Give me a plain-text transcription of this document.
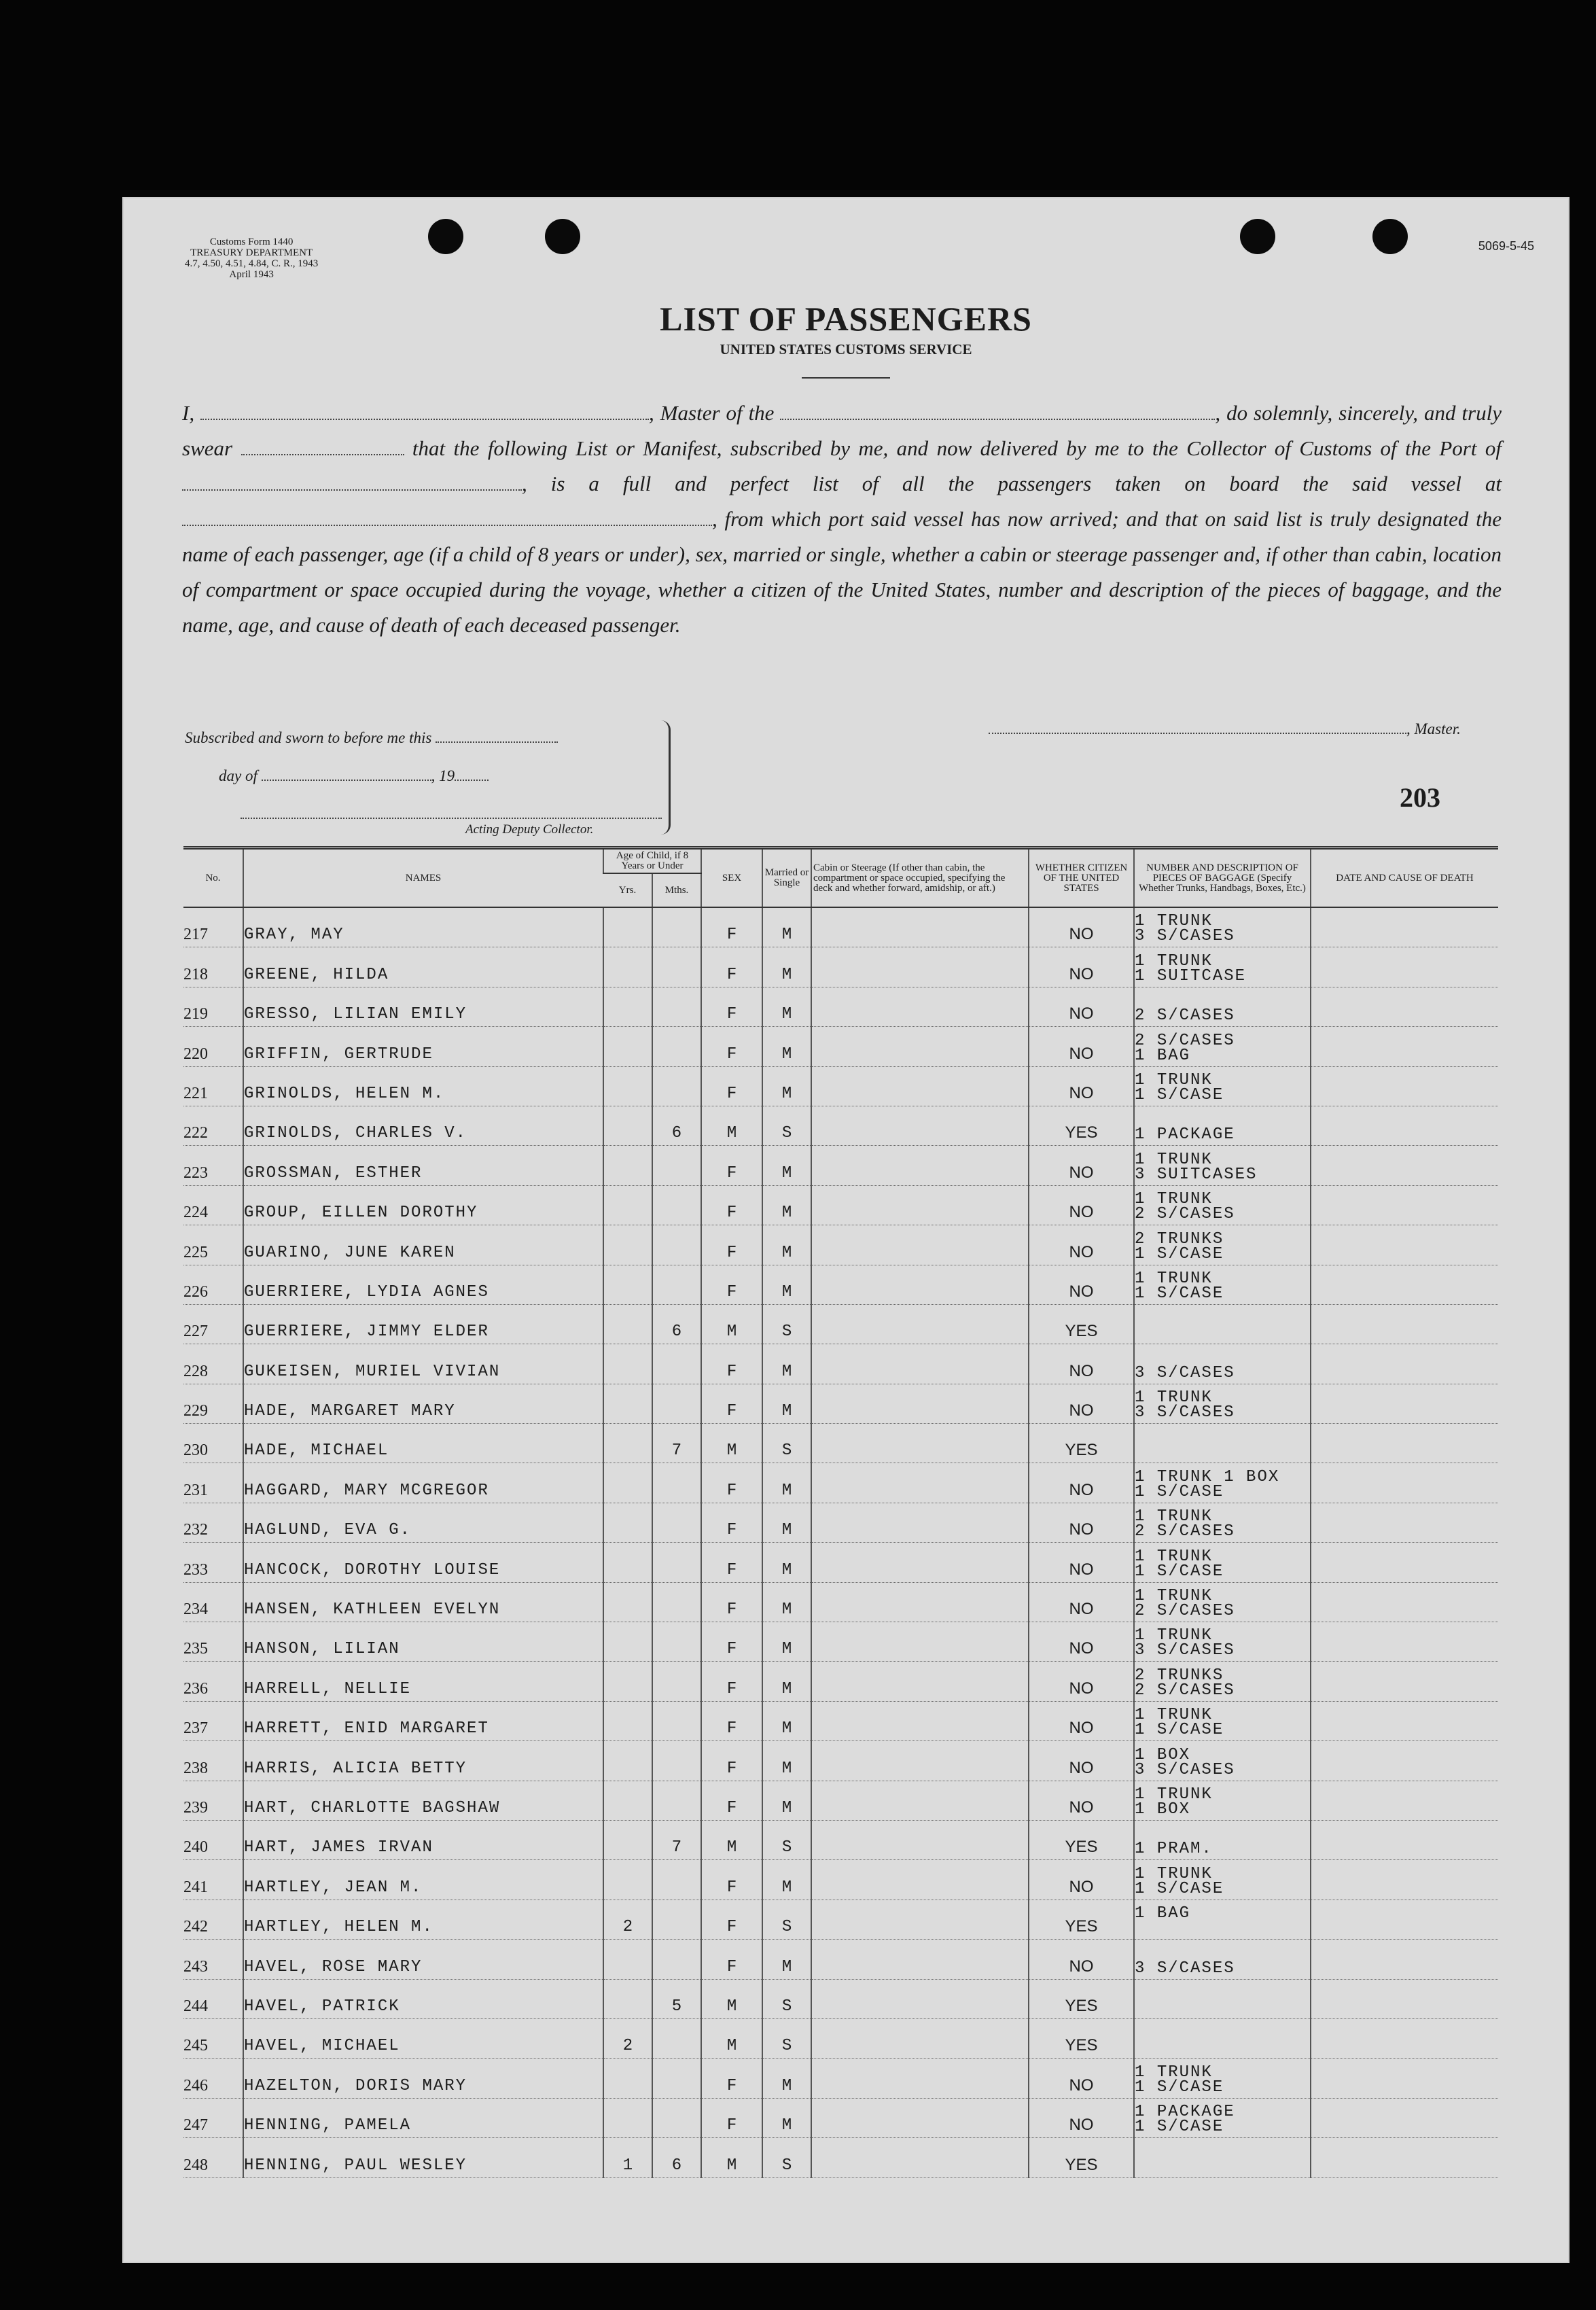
Customs Form 1440
TREASURY DEPARTMENT
4.7, 4.50, 4.51, 4.84, C. R., 1943
April 1943
5069-5-45
LIST OF PASSENGERS
UNITED STATES CUSTOMS SERVICE
I,	, Master of the	, do solemnly, sincerely, and truly swear	that the following List or Manifest, subscribed by me, and now delivered by me to the Collector of Customs of the Port of , is a full and perfect list of all the passengers taken on board the said vessel at , from which port said vessel has now arrived; and that on said list is truly designated the name of each passenger, age (if a child of 8 years or under), sex, married or single, whether a cabin or steerage passenger and, if other than cabin, location of compartment or space occupied during the voyage, whether a citizen of the United States, number and description of the pieces of baggage, and the name, age, and cause of death of each deceased passenger.
Subscribed and sworn to before me this
day of	, 19
Acting Deputy Collector.
, Master.
203
No.	NAMES	Age of Child, if 8 Years or Under		SEX	Married or Single	Cabin or Steerage (If other than cabin, the compartment or space occupied, specifying the deck and whether forward, amidship, or aft.)	WHETHER CITIZEN OF THE UNITED STATES	NUMBER AND DESCRIPTION OF PIECES OF BAGGAGE (Specify Whether Trunks, Handbags, Boxes, Etc.)	DATE AND CAUSE OF DEATH
		Yrs.	Mths.						
217	GRAY, MAY			F	M		NO	1 TRUNK
3 S/CASES	

218	GREENE, HILDA			F	M		NO	1 TRUNK
1 SUITCASE	

219	GRESSO, LILIAN EMILY			F	M		NO	2 S/CASES	

220	GRIFFIN, GERTRUDE			F	M		NO	2 S/CASES
1 BAG	

221	GRINOLDS, HELEN M.			F	M		NO	1 TRUNK
1 S/CASE	

222	GRINOLDS, CHARLES V.		6	M	S		YES	1 PACKAGE	

223	GROSSMAN, ESTHER			F	M		NO	1 TRUNK
3 SUITCASES	

224	GROUP, EILLEN DOROTHY			F	M		NO	1 TRUNK
2 S/CASES	

225	GUARINO, JUNE KAREN			F	M		NO	2 TRUNKS
1 S/CASE	

226	GUERRIERE, LYDIA AGNES			F	M		NO	1 TRUNK
1 S/CASE	

227	GUERRIERE, JIMMY ELDER		6	M	S		YES	

228	GUKEISEN, MURIEL VIVIAN			F	M		NO	3 S/CASES	

229	HADE, MARGARET MARY			F	M		NO	1 TRUNK
3 S/CASES	

230	HADE, MICHAEL		7	M	S		YES	

231	HAGGARD, MARY MCGREGOR			F	M		NO	1 TRUNK 1 BOX
1 S/CASE	

232	HAGLUND, EVA G.			F	M		NO	1 TRUNK
2 S/CASES	

233	HANCOCK, DOROTHY LOUISE			F	M		NO	1 TRUNK
1 S/CASE	

234	HANSEN, KATHLEEN EVELYN			F	M		NO	1 TRUNK
2 S/CASES	

235	HANSON, LILIAN			F	M		NO	1 TRUNK
3 S/CASES	

236	HARRELL, NELLIE			F	M		NO	2 TRUNKS
2 S/CASES	

237	HARRETT, ENID MARGARET			F	M		NO	1 TRUNK
1 S/CASE	

238	HARRIS, ALICIA BETTY			F	M		NO	1 BOX
3 S/CASES	

239	HART, CHARLOTTE BAGSHAW			F	M		NO	1 TRUNK
1 BOX	

240	HART, JAMES IRVAN		7	M	S		YES	1 PRAM.	

241	HARTLEY, JEAN M.			F	M		NO	1 TRUNK
1 S/CASE	

242	HARTLEY, HELEN M.	2		F	S		YES	1 BAG	

243	HAVEL, ROSE MARY			F	M		NO	3 S/CASES	

244	HAVEL, PATRICK		5	M	S		YES	

245	HAVEL, MICHAEL	2		M	S		YES	

246	HAZELTON, DORIS MARY			F	M		NO	1 TRUNK
1 S/CASE	

247	HENNING, PAMELA			F	M		NO	1 PACKAGE
1 S/CASE	

248	HENNING, PAUL WESLEY	1	6	M	S		YES	
